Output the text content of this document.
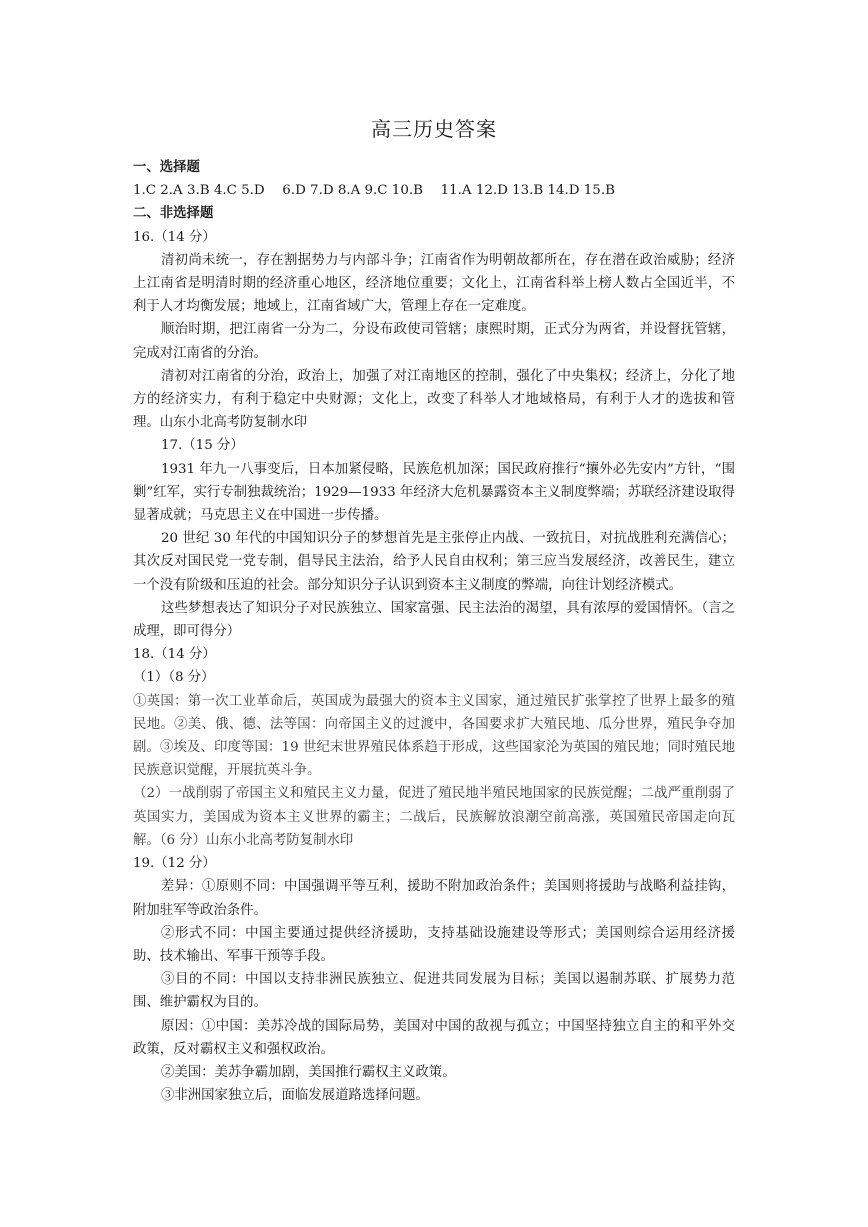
高三历史答案
一、选择题
1.C 2.A 3.B 4.C 5.D　 6.D 7.D 8.A 9.C 10.B　 11.A 12.D 13.B 14.D 15.B
二、非选择题
16.（14 分）

清初尚未统一，存在割据势力与内部斗争；江南省作为明朝故都所在，存在潜在政治威胁；经济上江南省是明清时期的经济重心地区，经济地位重要；文化上，江南省科举上榜人数占全国近半，不利于人才均衡发展；地域上，江南省域广大，管理上存在一定难度。

顺治时期，把江南省一分为二，分设布政使司管辖；康熙时期，正式分为两省，并设督抚管辖，完成对江南省的分治。

清初对江南省的分治，政治上，加强了对江南地区的控制，强化了中央集权；经济上，分化了地方的经济实力，有利于稳定中央财源；文化上，改变了科举人才地域格局，有利于人才的选拔和管理。山东小北高考防复制水印

17.（15 分）

1931 年九一八事变后，日本加紧侵略，民族危机加深；国民政府推行“攘外必先安内”方针，“围剿”红军，实行专制独裁统治；1929—1933 年经济大危机暴露资本主义制度弊端；苏联经济建设取得显著成就；马克思主义在中国进一步传播。

20 世纪 30 年代的中国知识分子的梦想首先是主张停止内战、一致抗日，对抗战胜利充满信心；其次反对国民党一党专制，倡导民主法治，给予人民自由权利；第三应当发展经济，改善民生，建立一个没有阶级和压迫的社会。部分知识分子认识到资本主义制度的弊端，向往计划经济模式。

这些梦想表达了知识分子对民族独立、国家富强、民主法治的渴望，具有浓厚的爱国情怀。（言之成理，即可得分）

18.（14 分）
（1）（8 分）

①英国：第一次工业革命后，英国成为最强大的资本主义国家，通过殖民扩张掌控了世界上最多的殖民地。②美、俄、德、法等国：向帝国主义的过渡中，各国要求扩大殖民地、瓜分世界，殖民争夺加剧。③埃及、印度等国：19 世纪末世界殖民体系趋于形成，这些国家沦为英国的殖民地；同时殖民地民族意识觉醒，开展抗英斗争。

（2）一战削弱了帝国主义和殖民主义力量，促进了殖民地半殖民地国家的民族觉醒；二战严重削弱了英国实力，美国成为资本主义世界的霸主；二战后，民族解放浪潮空前高涨，英国殖民帝国走向瓦解。（6 分）山东小北高考防复制水印

19.（12 分）

差异：①原则不同：中国强调平等互利，援助不附加政治条件；美国则将援助与战略利益挂钩，附加驻军等政治条件。

②形式不同：中国主要通过提供经济援助，支持基础设施建设等形式；美国则综合运用经济援助、技术输出、军事干预等手段。

③目的不同：中国以支持非洲民族独立、促进共同发展为目标；美国以遏制苏联、扩展势力范围、维护霸权为目的。

原因：①中国：美苏冷战的国际局势，美国对中国的敌视与孤立；中国坚持独立自主的和平外交政策，反对霸权主义和强权政治。

②美国：美苏争霸加剧，美国推行霸权主义政策。

③非洲国家独立后，面临发展道路选择问题。
